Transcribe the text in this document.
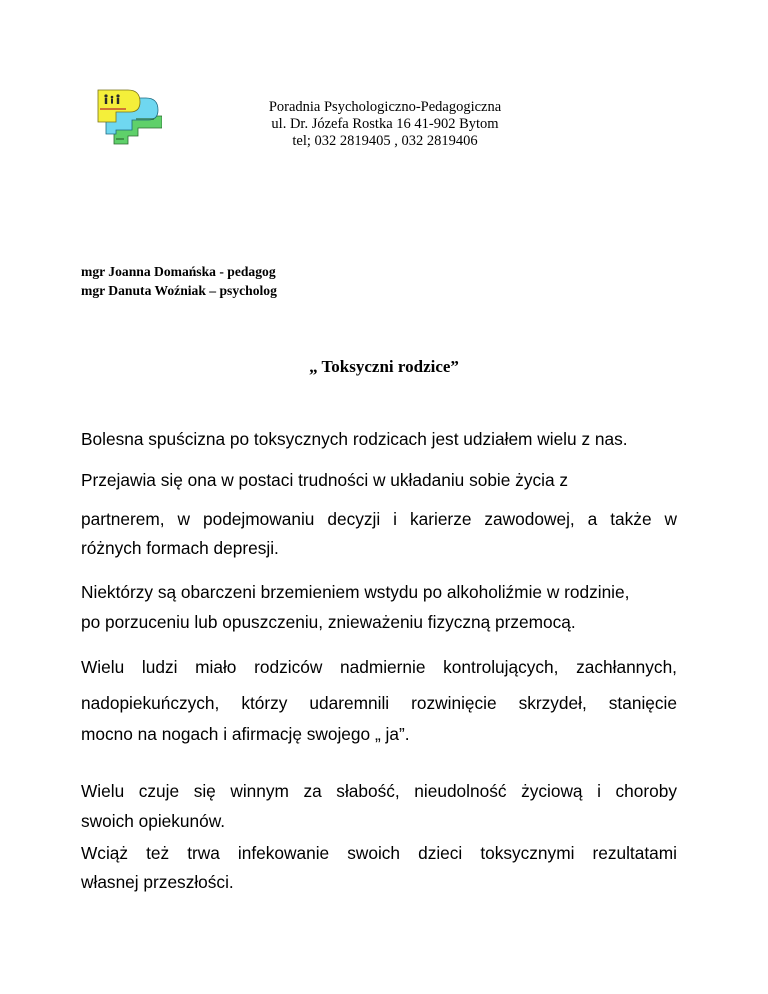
Poradnia Psychologiczno-Pedagogiczna
ul. Dr. Józefa Rostka 16 41-902 Bytom
tel; 032 2819405 , 032 2819406
mgr Joanna Domańska - pedagog
mgr Danuta Woźniak – psycholog
„ Toksyczni rodzice”
Bolesna spuścizna po toksycznych rodzicach jest udziałem wielu z nas.
Przejawia się ona w postaci trudności w układaniu sobie życia z
partnerem, w podejmowaniu decyzji i karierze zawodowej, a także w
różnych formach depresji.
Niektórzy są obarczeni brzemieniem wstydu po alkoholiźmie w rodzinie,
po porzuceniu lub opuszczeniu, znieważeniu fizyczną przemocą.
Wielu ludzi miało rodziców nadmiernie kontrolujących, zachłannych,
nadopiekuńczych, którzy udaremnili rozwinięcie skrzydeł, stanięcie
mocno na nogach i afirmację swojego „ ja”.
Wielu czuje się winnym za słabość, nieudolność życiową i choroby
swoich opiekunów.
Wciąż też trwa infekowanie swoich dzieci toksycznymi rezultatami
własnej przeszłości.
